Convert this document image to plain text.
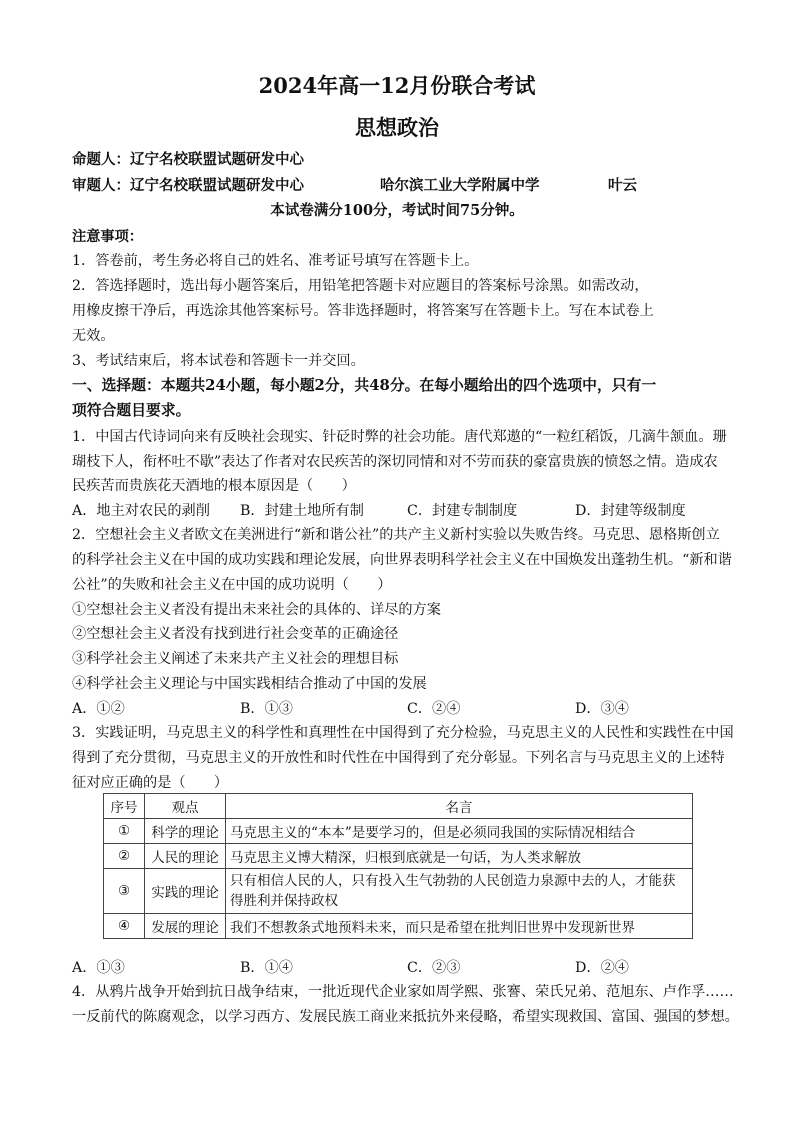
2024年高一12月份联合考试
思想政治
命题人：辽宁名校联盟试题研发中心
审题人：辽宁名校联盟试题研发中心	哈尔滨工业大学附属中学	叶云
本试卷满分100分，考试时间75分钟。
注意事项：
1．答卷前，考生务必将自己的姓名、准考证号填写在答题卡上。
2．答选择题时，选出每小题答案后，用铅笔把答题卡对应题目的答案标号涂黑。如需改动，
用橡皮擦干净后，再选涂其他答案标号。答非选择题时，将答案写在答题卡上。写在本试卷上
无效。
3、考试结束后，将本试卷和答题卡一并交回。
一、选择题：本题共24小题，每小题2分，共48分。在每小题给出的四个选项中，只有一
项符合题目要求。
1．中国古代诗词向来有反映社会现实、针砭时弊的社会功能。唐代郑遨的“一粒红稻饭，几滴牛颔血。珊
瑚枝下人，衔杯吐不歇”表达了作者对农民疾苦的深切同情和对不劳而获的豪富贵族的愤怒之情。造成农
民疾苦而贵族花天酒地的根本原因是（　　）
A．地主对农民的剥削 B．封建土地所有制	C．封建专制制度	D．封建等级制度
2．空想社会主义者欧文在美洲进行“新和谐公社”的共产主义新村实验以失败告终。马克思、恩格斯创立
的科学社会主义在中国的成功实践和理论发展，向世界表明科学社会主义在中国焕发出蓬勃生机。“新和谐
公社”的失败和社会主义在中国的成功说明（　　）
①空想社会主义者没有提出未来社会的具体的、详尽的方案
②空想社会主义者没有找到进行社会变革的正确途径
③科学社会主义阐述了未来共产主义社会的理想目标
④科学社会主义理论与中国实践相结合推动了中国的发展
A．①②	B．①③	C．②④	D．③④
3．实践证明，马克思主义的科学性和真理性在中国得到了充分检验，马克思主义的人民性和实践性在中国
得到了充分贯彻，马克思主义的开放性和时代性在中国得到了充分彰显。下列名言与马克思主义的上述特
征对应正确的是（　　）
序号	观点	名言
①	科学的理论	马克思主义的“本本”是要学习的，但是必须同我国的实际情况相结合
②	人民的理论	马克思主义博大精深，归根到底就是一句话，为人类求解放
③	实践的理论	只有相信人民的人，只有投入生气勃勃的人民创造力泉源中去的人，才能获得胜利并保持政权
④	发展的理论	我们不想教条式地预料未来，而只是希望在批判旧世界中发现新世界
A．①③	B．①④	C．②③	D．②④
4．从鸦片战争开始到抗日战争结束，一批近现代企业家如周学熙、张謇、荣氏兄弟、范旭东、卢作孚……
一反前代的陈腐观念，以学习西方、发展民族工商业来抵抗外来侵略，希望实现救国、富国、强国的梦想。
